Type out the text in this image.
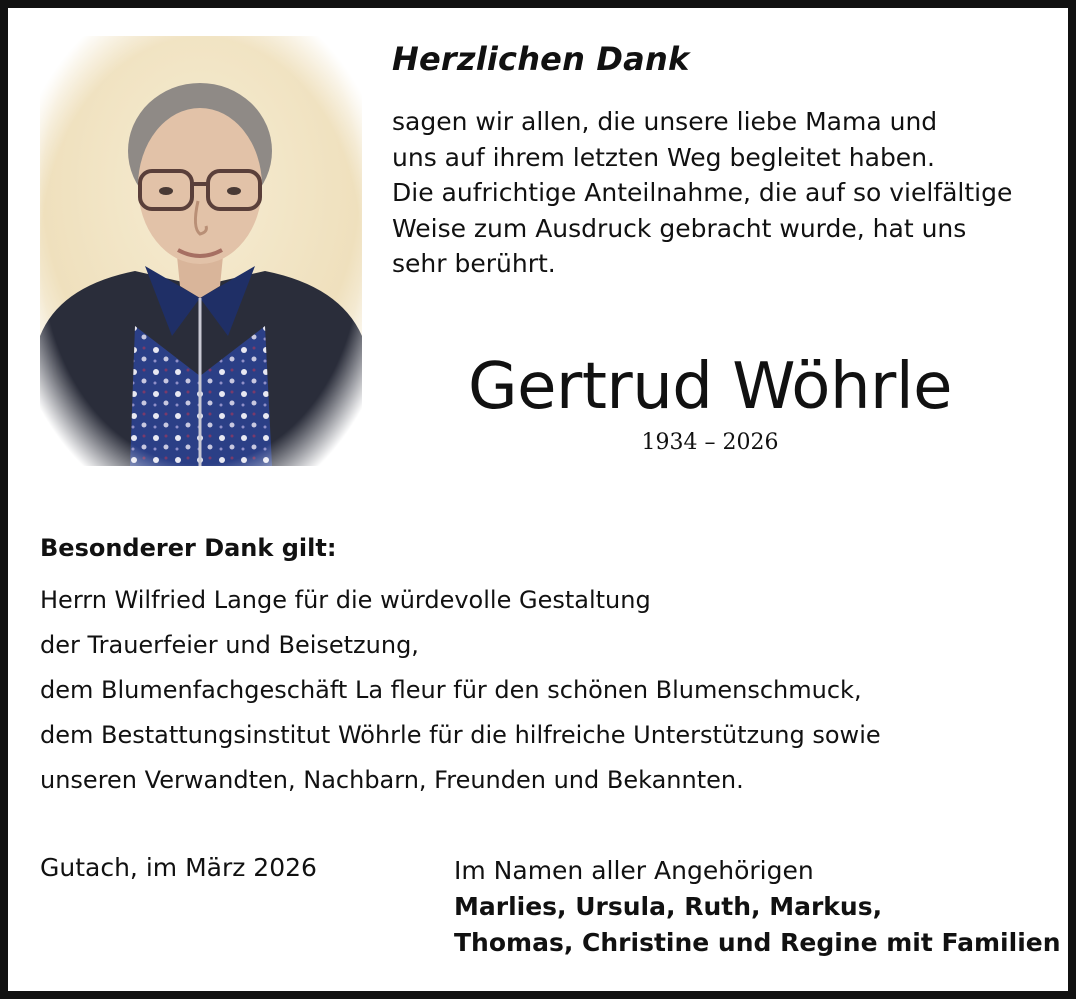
Herzlichen Dank
sagen wir allen, die unsere liebe Mama und
uns auf ihrem letzten Weg begleitet haben.
Die aufrichtige Anteilnahme, die auf so vielfältige
Weise zum Ausdruck gebracht wurde, hat uns
sehr berührt.
Gertrud Wöhrle
1934 – 2026
Besonderer Dank gilt:
Herrn Wilfried Lange für die würdevolle Gestaltung
der Trauerfeier und Beisetzung,
dem Blumenfachgeschäft La fleur für den schönen Blumenschmuck,
dem Bestattungsinstitut Wöhrle für die hilfreiche Unterstützung sowie
unseren Verwandten, Nachbarn, Freunden und Bekannten.
Gutach, im März 2026	Im Namen aller Angehörigen
Marlies, Ursula, Ruth, Markus,
Thomas, Christine und Regine mit Familien
